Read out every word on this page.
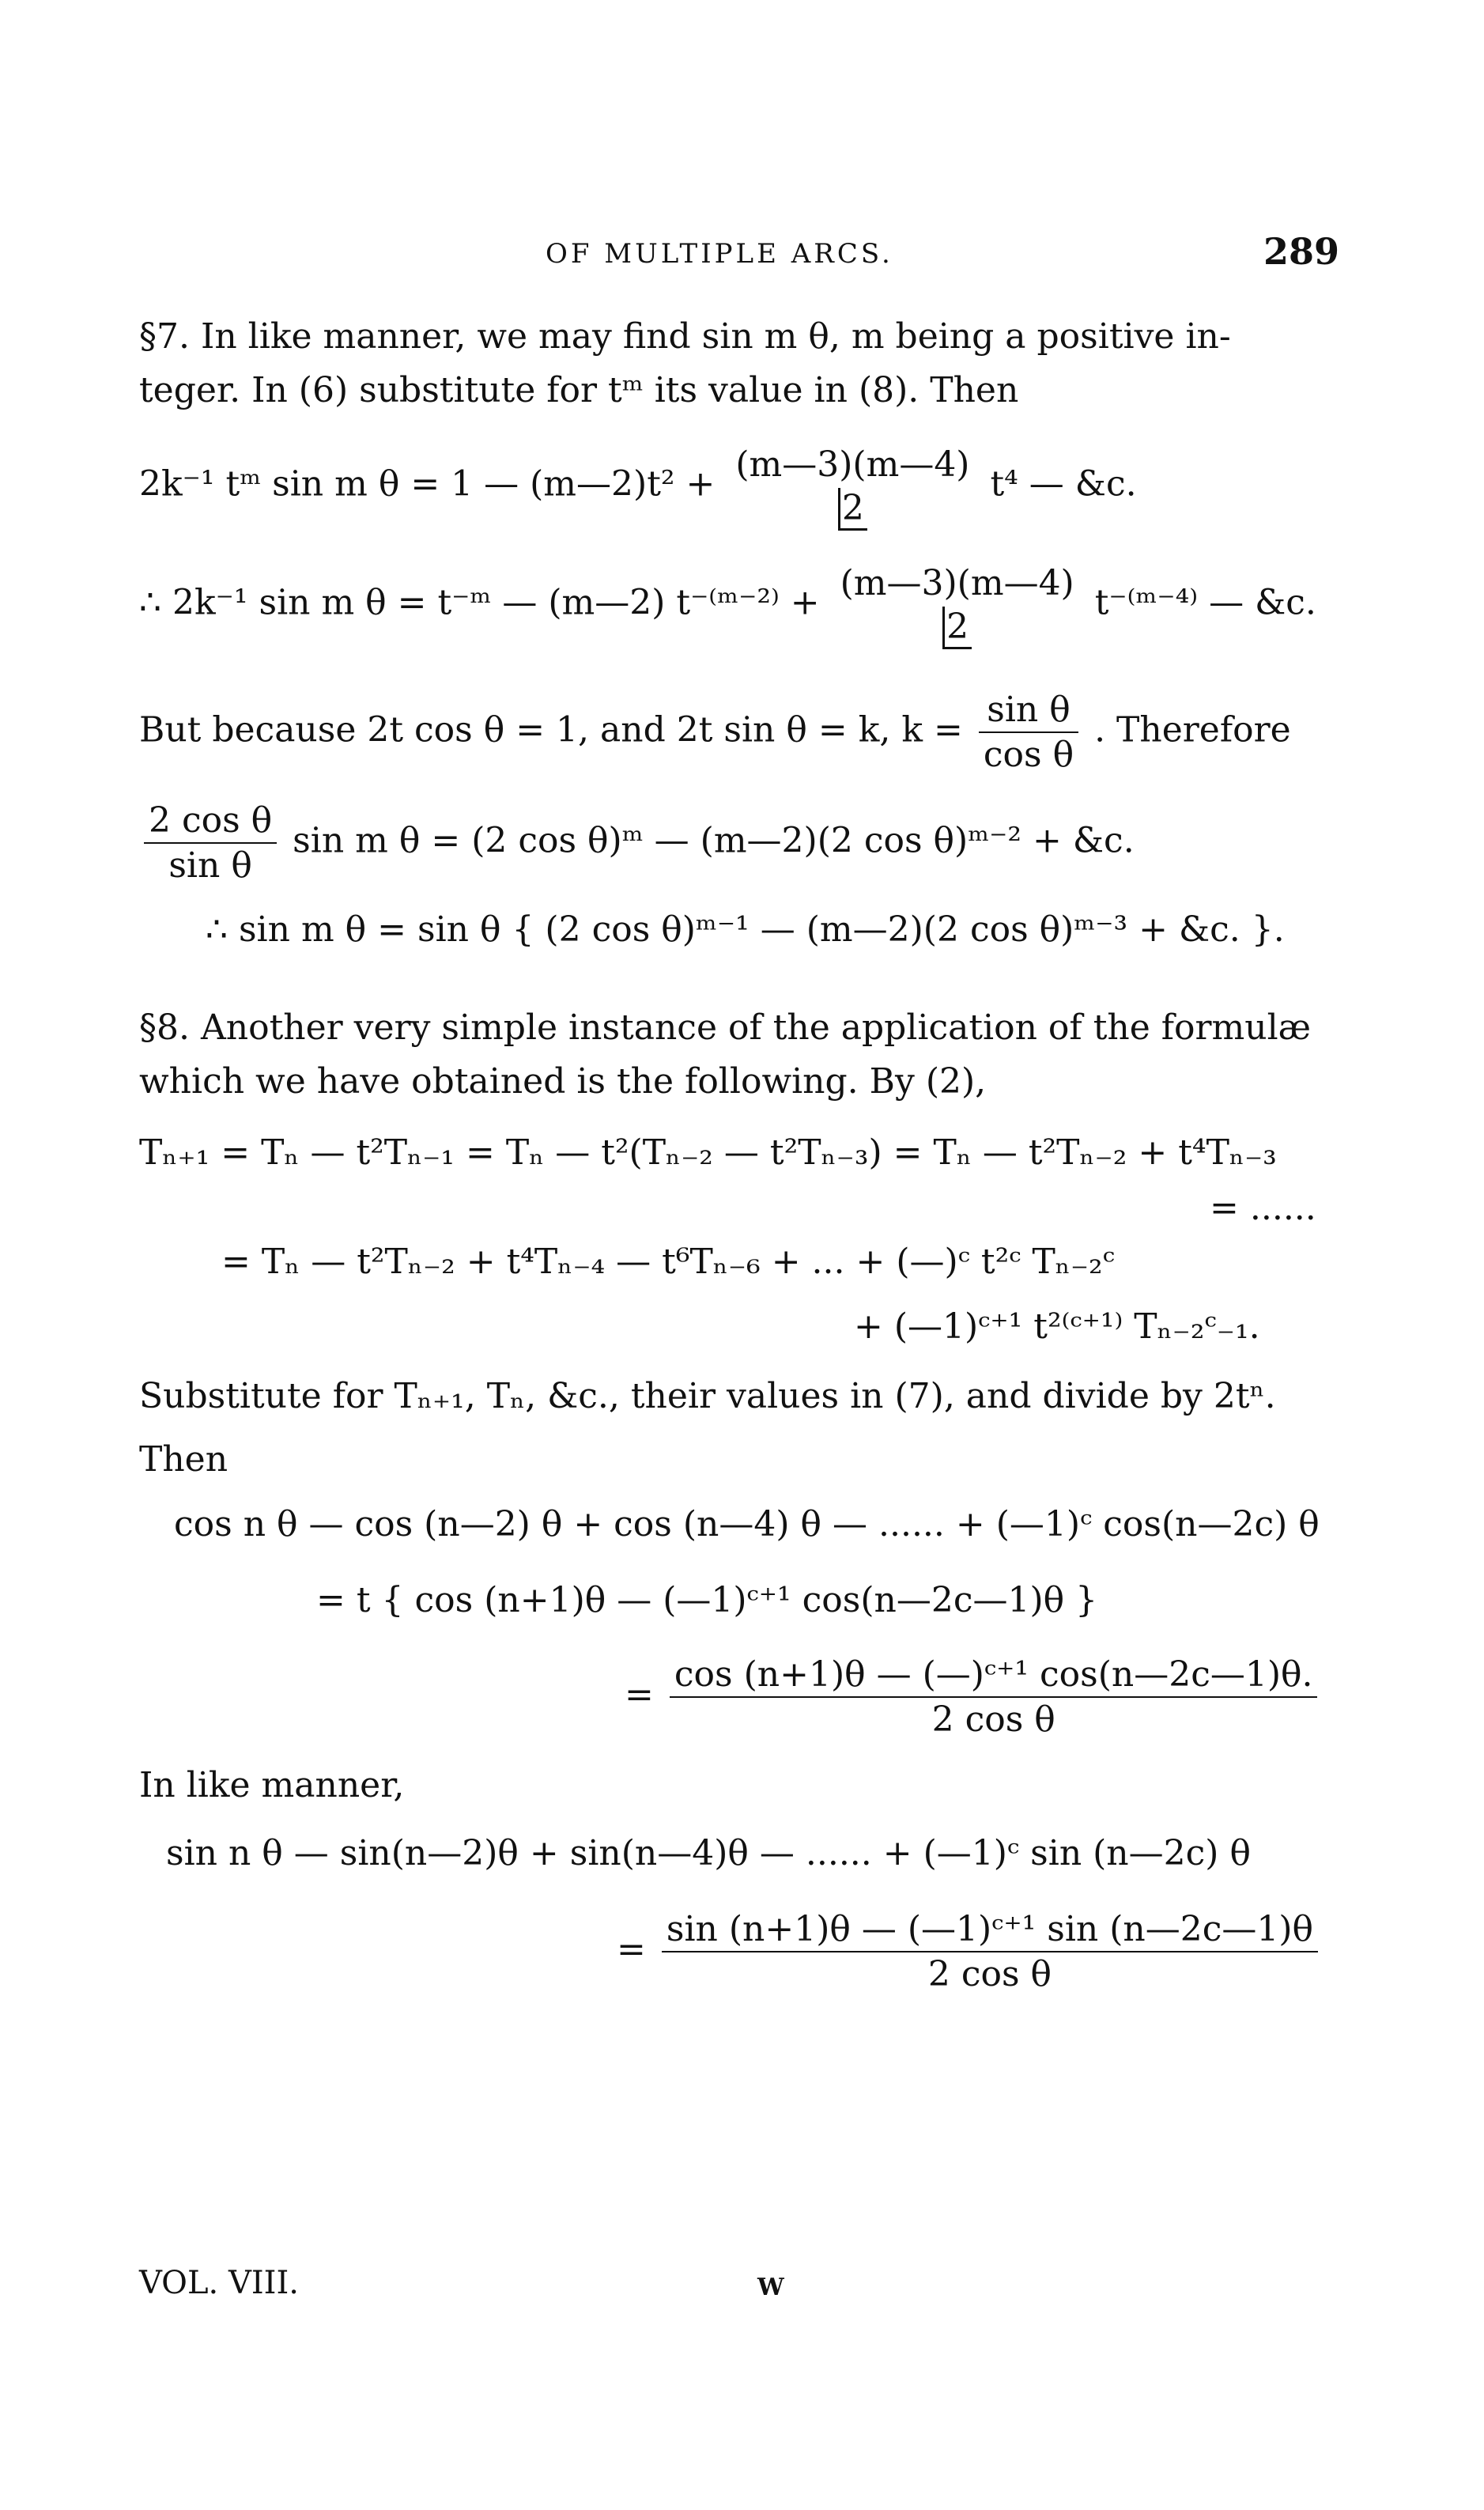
OF MULTIPLE ARCS.	289
§7. In like manner, we may find sin m θ, m being a positive in-
teger. In (6) substitute for tᵐ its value in (8). Then
2k⁻¹ tᵐ sin m θ = 1 — (m—2)t² + (m—3)(m—4)
2
t⁴ — &c.
∴ 2k⁻¹ sin m θ = t⁻ᵐ — (m—2) t⁻⁽ᵐ⁻²⁾ + (m—3)(m—4)
2
t⁻⁽ᵐ⁻⁴⁾ — &c.
But because 2t cos θ = 1, and 2t sin θ = k, $k = \frac{\text{sin θ}}{\text{cos θ}}$ . Therefore
$\frac{\text{2 cos θ}}{\text{sin θ}}$ sin m θ = (2 cos θ)ᵐ — (m—2)(2 cos θ)ᵐ⁻² + &c.
∴ sin m θ = sin θ { (2 cos θ)ᵐ⁻¹ — (m—2)(2 cos θ)ᵐ⁻³ + &c. }.
§8. Another very simple instance of the application of the formulæ
which we have obtained is the following. By (2),
Tₙ₊₁ = Tₙ — t²Tₙ₋₁ = Tₙ — t²(Tₙ₋₂ — t²Tₙ₋₃) = Tₙ — t²Tₙ₋₂ + t⁴Tₙ₋₃
= ......
= Tₙ — t²Tₙ₋₂ + t⁴Tₙ₋₄ — t⁶Tₙ₋₆ + ... + (—)ᶜ t²ᶜ Tₙ₋₂ᶜ
+ (—1)ᶜ⁺¹ t²⁽ᶜ⁺¹⁾ Tₙ₋₂ᶜ₋₁.
Substitute for Tₙ₊₁, Tₙ, &c., their values in (7), and divide by 2tⁿ.
Then
cos n θ — cos (n—2) θ + cos (n—4) θ — ...... + (—1)ᶜ cos(n—2c) θ
= t { cos (n+1)θ — (—1)ᶜ⁺¹ cos(n—2c—1)θ }
= $\frac{\text{cos (n+1)θ — (—)ᶜ⁺¹ cos(n—2c—1)θ.}}{\text{2 cos θ}}$
In like manner,
sin n θ — sin(n—2)θ + sin(n—4)θ — ...... + (—1)ᶜ sin (n—2c) θ
= $\frac{\text{sin (n+1)θ — (—1)ᶜ⁺¹ sin (n—2c—1)θ}}{\text{2 cos θ}}$
VOL. VIII.	W
